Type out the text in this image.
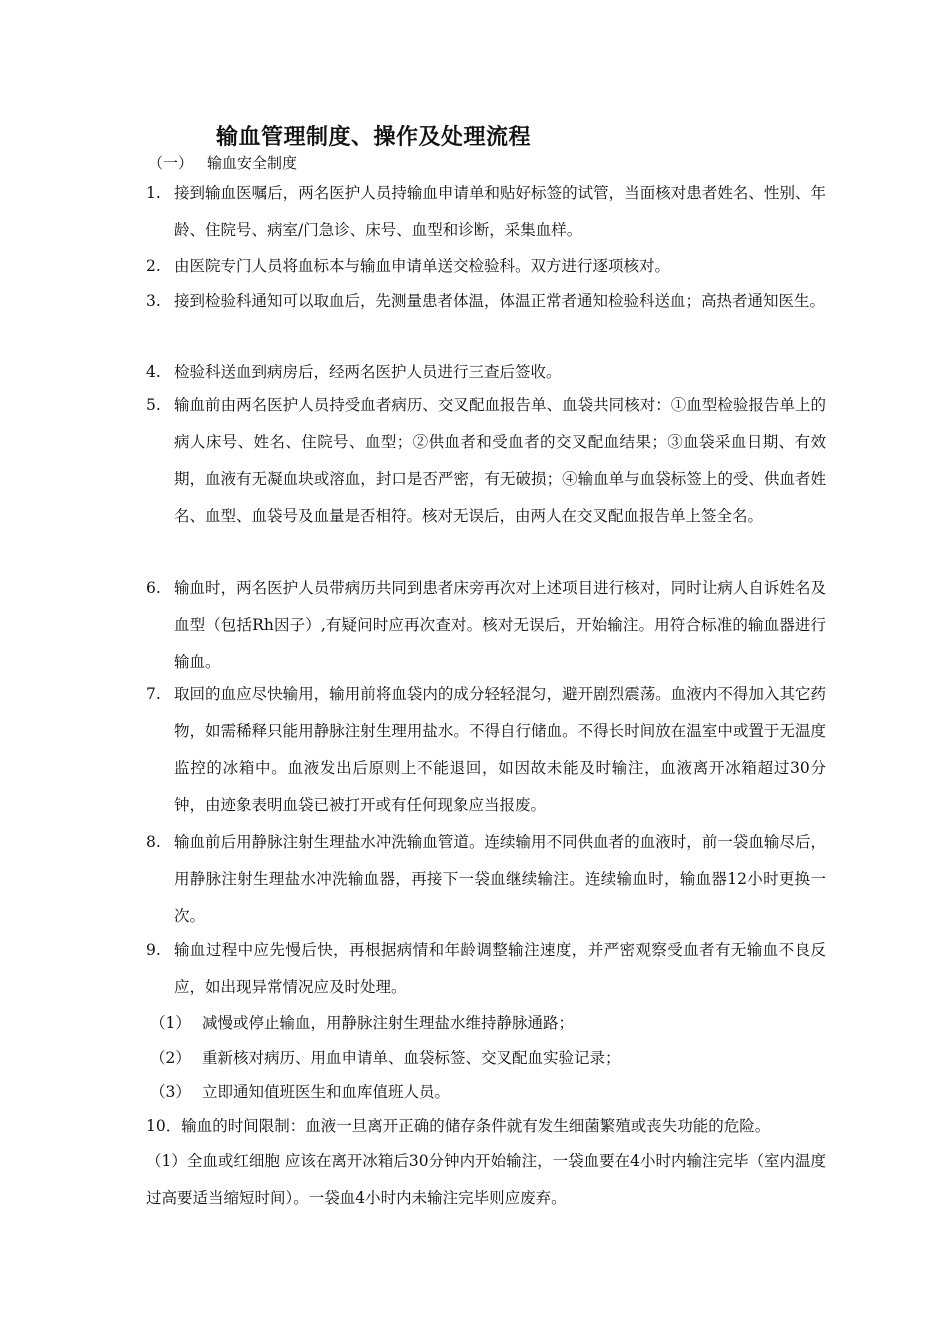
输血管理制度、操作及处理流程
（一） 输血安全制度
1. 接到输血医嘱后，两名医护人员持输血申请单和贴好标签的试管，当面核对患者姓名、性别、年龄、住院号、病室/门急诊、床号、血型和诊断，采集血样。
2. 由医院专门人员将血标本与输血申请单送交检验科。双方进行逐项核对。
3. 接到检验科通知可以取血后，先测量患者体温，体温正常者通知检验科送血；高热者通知医生。
4. 检验科送血到病房后，经两名医护人员进行三查后签收。
5. 输血前由两名医护人员持受血者病历、交叉配血报告单、血袋共同核对：①血型检验报告单上的病人床号、姓名、住院号、血型；②供血者和受血者的交叉配血结果；③血袋采血日期、有效期，血液有无凝血块或溶血，封口是否严密，有无破损；④输血单与血袋标签上的受、供血者姓名、血型、血袋号及血量是否相符。核对无误后，由两人在交叉配血报告单上签全名。
6. 输血时，两名医护人员带病历共同到患者床旁再次对上述项目进行核对，同时让病人自诉姓名及血型（包括Rh因子）,有疑问时应再次查对。核对无误后，开始输注。用符合标准的输血器进行输血。
7. 取回的血应尽快输用，输用前将血袋内的成分轻轻混匀，避开剧烈震荡。血液内不得加入其它药物，如需稀释只能用静脉注射生理用盐水。不得自行储血。不得长时间放在温室中或置于无温度监控的冰箱中。血液发出后原则上不能退回，如因故未能及时输注，血液离开冰箱超过30分钟，由迹象表明血袋已被打开或有任何现象应当报废。
8. 输血前后用静脉注射生理盐水冲洗输血管道。连续输用不同供血者的血液时，前一袋血输尽后，用静脉注射生理盐水冲洗输血器，再接下一袋血继续输注。连续输血时，输血器12小时更换一次。
9. 输血过程中应先慢后快，再根据病情和年龄调整输注速度，并严密观察受血者有无输血不良反应，如出现异常情况应及时处理。
（1） 减慢或停止输血，用静脉注射生理盐水维持静脉通路；
（2） 重新核对病历、用血申请单、血袋标签、交叉配血实验记录；
（3） 立即通知值班医生和血库值班人员。
10．输血的时间限制：血液一旦离开正确的储存条件就有发生细菌繁殖或丧失功能的危险。
（1）全血或红细胞 应该在离开冰箱后30分钟内开始输注，一袋血要在4小时内输注完毕（室内温度过高要适当缩短时间）。一袋血4小时内未输注完毕则应废弃。
